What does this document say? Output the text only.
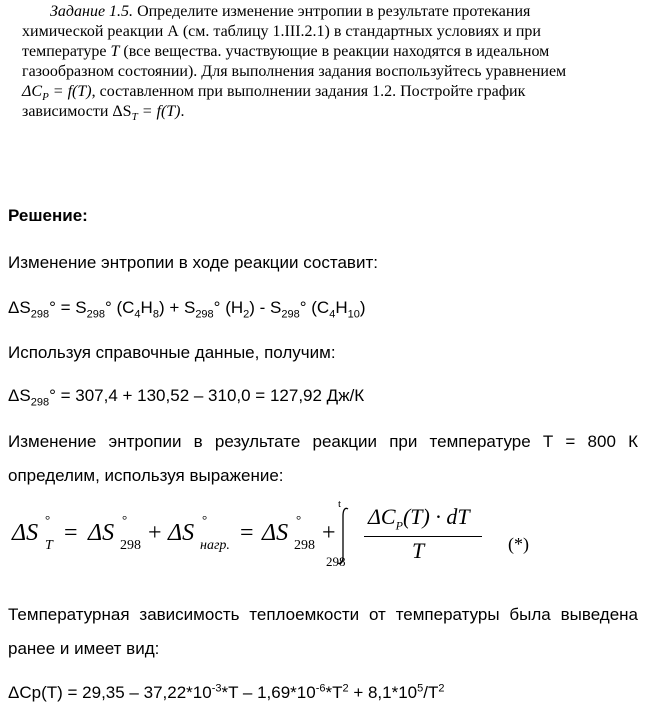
Задание 1.5. Определите изменение энтропии в результате протекания
химической реакции А (см. таблицу 1.III.2.1) в стандартных условиях и при
температуре T (все вещества. участвующие в реакции находятся в идеальном
газообразном состоянии). Для выполнения задания воспользуйтесь уравнением
$\Delta C_P = f(T)$, составленном при выполнении задания 1.2. Постройте график
зависимости $\Delta S_T = f(T)$.
Решение:
Изменение энтропии в ходе реакции составит:
$\Delta S_{298}^\circ = S_{298}^\circ$ $(C_4H_8) + S_{298}^\circ$ $(H_2) - S_{298}^\circ$ $(C_4H_{10})$
Используя справочные данные, получим:
$\Delta S_{298}^\circ = 307,4 + 130,52 - 310,0 = 127,92$ Дж/К
Изменение энтропии в результате реакции при температуре Т = 800 К
определим, используя выражение:
ΔS
°
T = ΔS
°
298 + ΔS
°
нагр. = ΔS
°
298 +
t
298
$\Delta C_P(T)$ · dT
T	(*)
Температурная зависимость теплоемкости от температуры была выведена
ранее и имеет вид:
$\Delta Cp(T) = 29,35 - 37,22*10^{-3}*T - 1,69*10^{-6}*T^2 + 8,1*10^5/T^2$
